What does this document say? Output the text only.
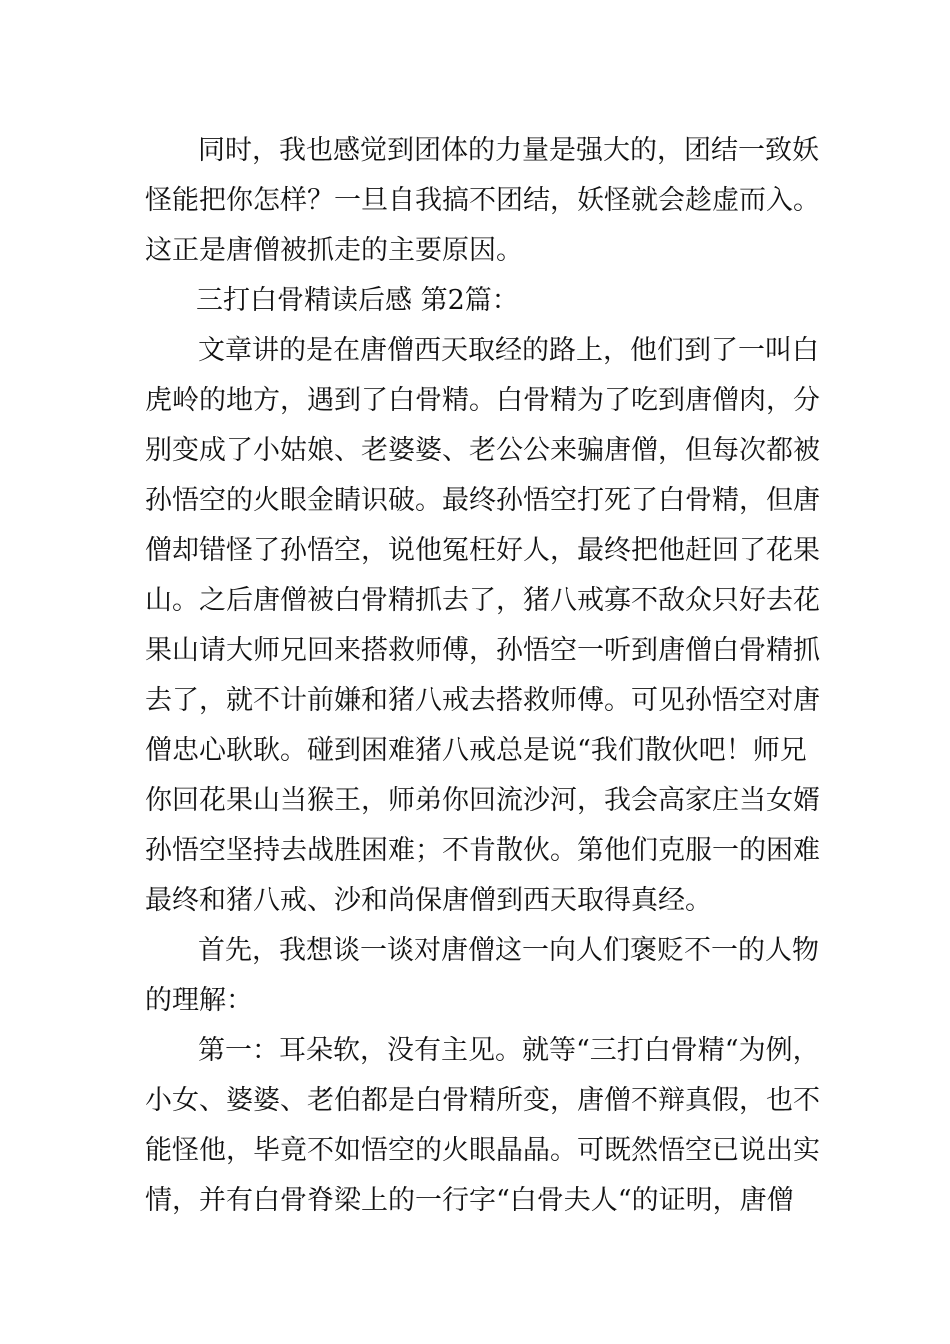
同时，我也感觉到团体的力量是强大的，团结一致妖

怪能把你怎样？一旦自我搞不团结，妖怪就会趁虚而入。

这正是唐僧被抓走的主要原因。

三打白骨精读后感 第2篇：

文章讲的是在唐僧西天取经的路上，他们到了一叫白

虎岭的地方，遇到了白骨精。白骨精为了吃到唐僧肉，分

别变成了小姑娘、老婆婆、老公公来骗唐僧，但每次都被

孙悟空的火眼金睛识破。最终孙悟空打死了白骨精，但唐

僧却错怪了孙悟空，说他冤枉好人，最终把他赶回了花果

山。之后唐僧被白骨精抓去了，猪八戒寡不敌众只好去花

果山请大师兄回来搭救师傅，孙悟空一听到唐僧白骨精抓

去了，就不计前嫌和猪八戒去搭救师傅。可见孙悟空对唐

僧忠心耿耿。碰到困难猪八戒总是说“我们散伙吧！师兄

你回花果山当猴王，师弟你回流沙河，我会高家庄当女婿

孙悟空坚持去战胜困难；不肯散伙。第他们克服一的困难

最终和猪八戒、沙和尚保唐僧到西天取得真经。

首先，我想谈一谈对唐僧这一向人们褒贬不一的人物

的理解：

第一：耳朵软，没有主见。就等“三打白骨精“为例，

小女、婆婆、老伯都是白骨精所变，唐僧不辩真假，也不

能怪他，毕竟不如悟空的火眼晶晶。可既然悟空已说出实

情，并有白骨脊梁上的一行字“白骨夫人“的证明，唐僧
